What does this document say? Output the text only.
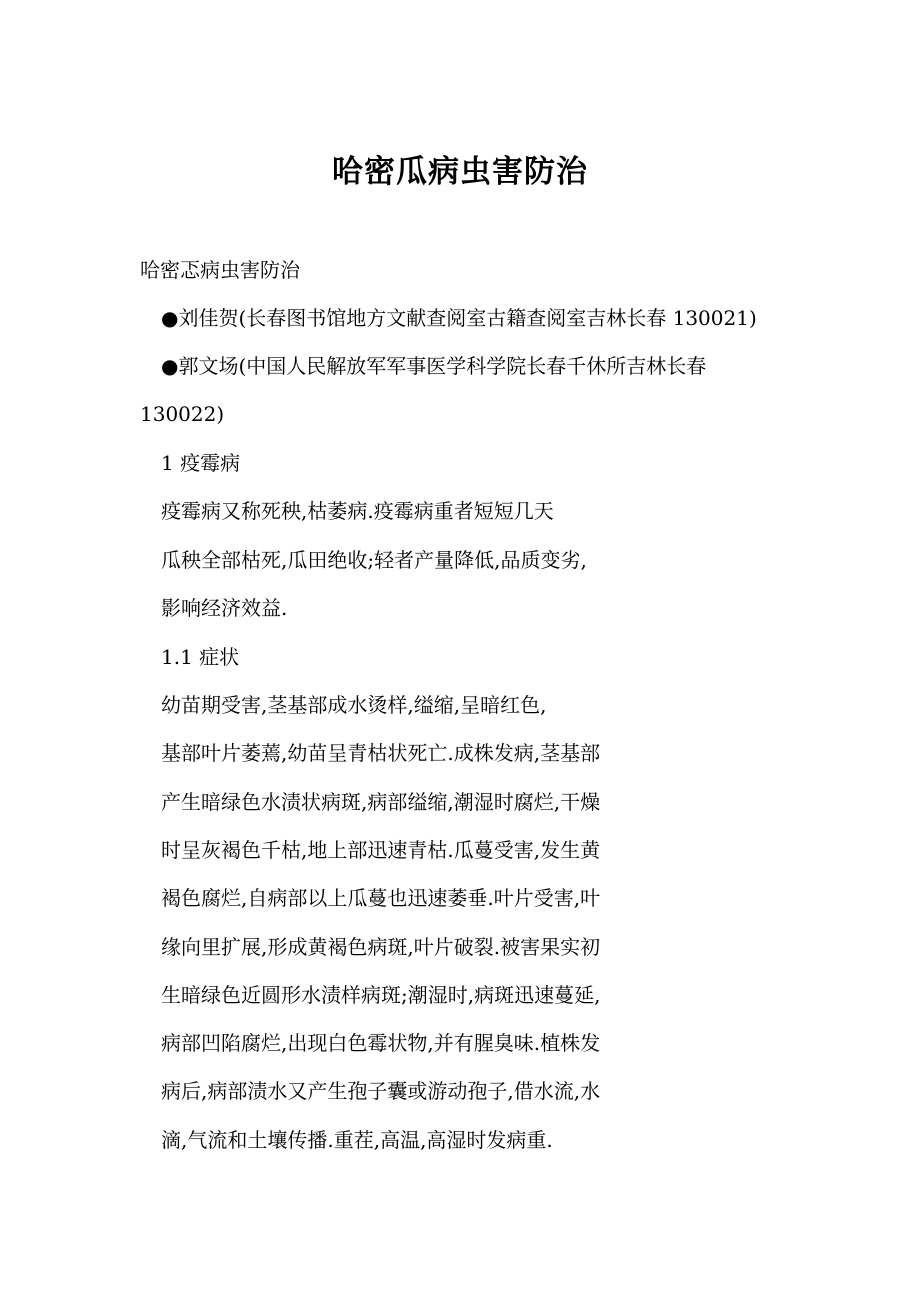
哈密瓜病虫害防治
哈密忑病虫害防治
●刘佳贺(长春图书馆地方文献查阅室古籍查阅室吉林长春 130021)
●郭文场(中国人民解放军军事医学科学院长春千休所吉林长春
130022)
1 疫霉病
疫霉病又称死秧,枯萎病.疫霉病重者短短几天
瓜秧全部枯死,瓜田绝收;轻者产量降低,品质变劣,
影响经济效益.
1.1 症状
幼苗期受害,茎基部成水烫样,缢缩,呈暗红色,
基部叶片萎蔫,幼苗呈青枯状死亡.成株发病,茎基部
产生暗绿色水渍状病斑,病部缢缩,潮湿时腐烂,干燥
时呈灰褐色千枯,地上部迅速青枯.瓜蔓受害,发生黄
褐色腐烂,自病部以上瓜蔓也迅速萎垂.叶片受害,叶
缘向里扩展,形成黄褐色病斑,叶片破裂.被害果实初
生暗绿色近圆形水渍样病斑;潮湿时,病斑迅速蔓延,
病部凹陷腐烂,出现白色霉状物,并有腥臭味.植株发
病后,病部渍水又产生孢子囊或游动孢子,借水流,水
滴,气流和土壤传播.重茬,高温,高湿时发病重.
